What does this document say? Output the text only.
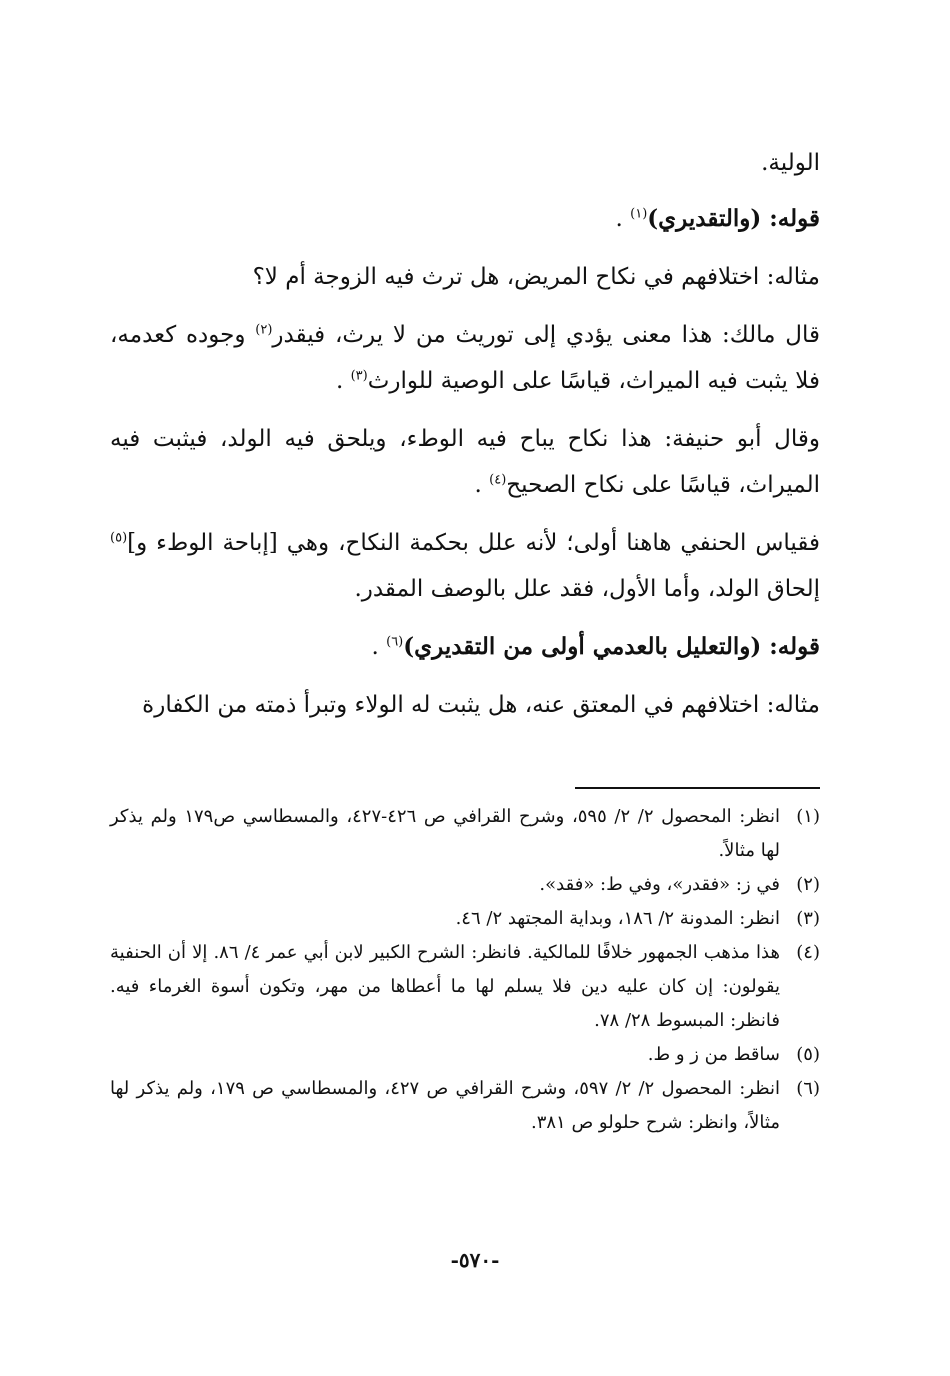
الولية.

قوله: (والتقديري)$^{(١)}$ .

مثاله: اختلافهم في نكاح المريض، هل ترث فيه الزوجة أم لا؟

قال مالك: هذا معنى يؤدي إلى توريث من لا يرث، فيقدر$^{(٢)}$ وجوده كعدمه، فلا يثبت فيه الميراث، قياسًا على الوصية للوارث$^{(٣)}$ .

وقال أبو حنيفة: هذا نكاح يباح فيه الوطء، ويلحق فيه الولد، فيثبت فيه الميراث، قياسًا على نكاح الصحيح$^{(٤)}$ .

فقياس الحنفي هاهنا أولى؛ لأنه علل بحكمة النكاح، وهي [إباحة الوطء و]$^{(٥)}$ إلحاق الولد، وأما الأول، فقد علل بالوصف المقدر.

قوله: (والتعليل بالعدمي أولى من التقديري)$^{(٦)}$ .

مثاله: اختلافهم في المعتق عنه، هل يثبت له الولاء وتبرأ ذمته من الكفارة

(١)
انظر: المحصول ٢/ ٢/ ٥٩٥، وشرح القرافي ص ٤٢٦-٤٢٧، والمسطاسي ص١٧٩ ولم يذكر لها مثالاً.
(٢)
في ز: «فقدر»، وفي ط: «فقد».
(٣)
انظر: المدونة ٢/ ١٨٦، وبداية المجتهد ٢/ ٤٦.
(٤)
هذا مذهب الجمهور خلافًا للمالكية. فانظر: الشرح الكبير لابن أبي عمر ٤/ ٨٦. إلا أن الحنفية يقولون: إن كان عليه دين فلا يسلم لها ما أعطاها من مهر، وتكون أسوة الغرماء فيه. فانظر: المبسوط ٢٨/ ٧٨.
(٥)
ساقط من ز و ط.
(٦)
انظر: المحصول ٢/ ٢/ ٥٩٧، وشرح القرافي ص ٤٢٧، والمسطاسي ص ١٧٩، ولم يذكر لها مثالاً، وانظر: شرح حلولو ص ٣٨١.
-٥٧٠-
